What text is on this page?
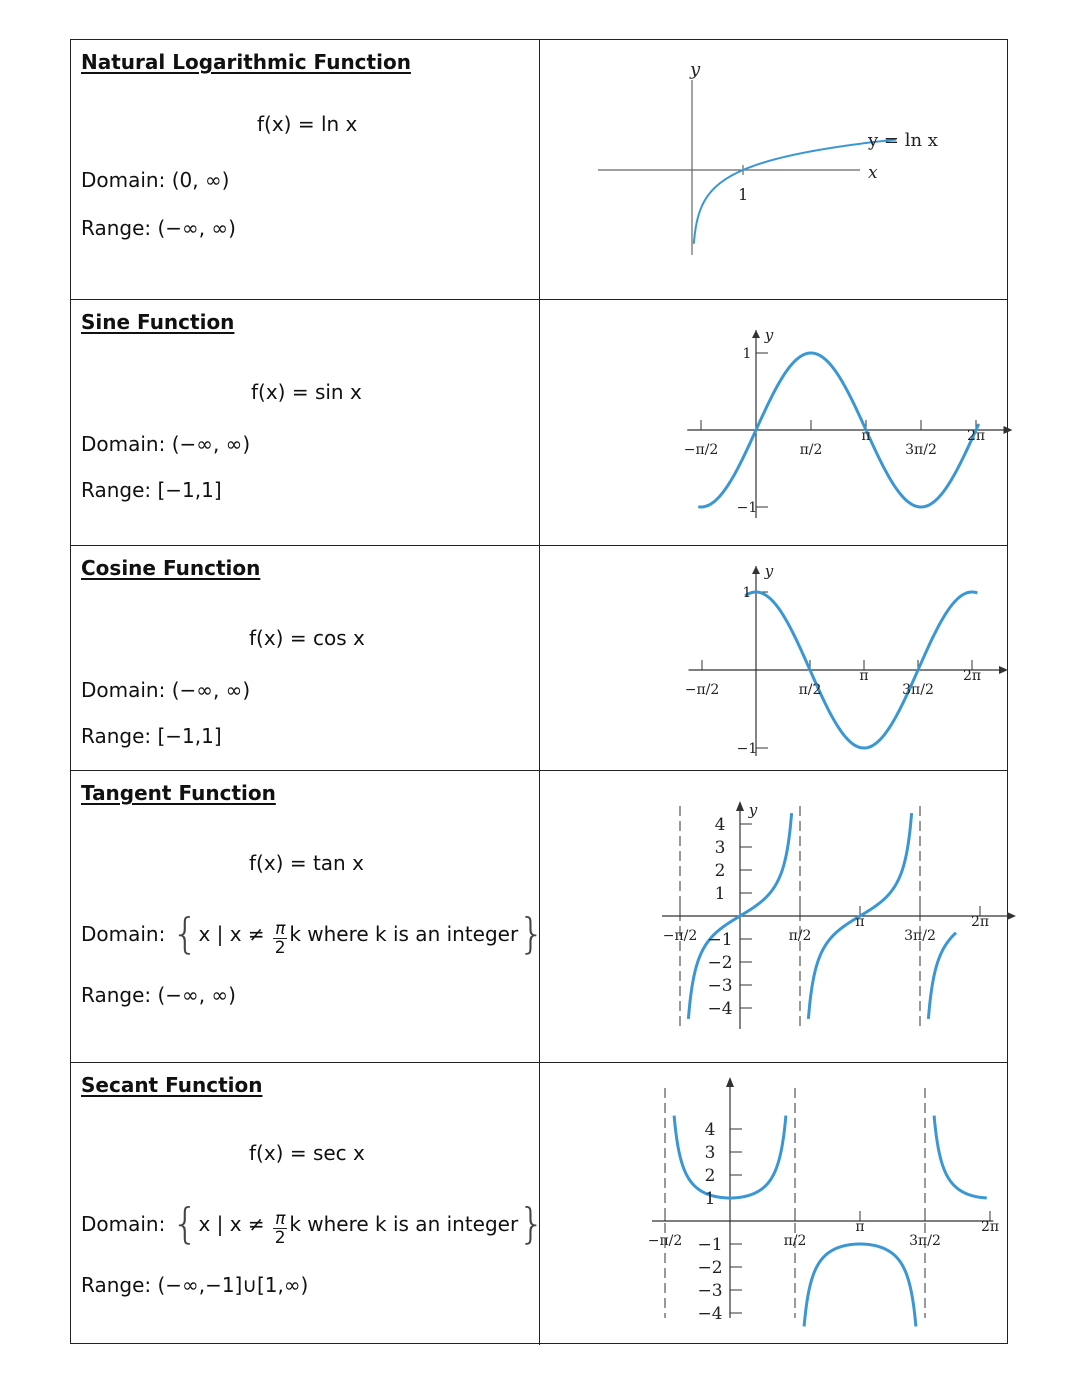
Natural Logarithmic Function
f(x) = ln x
Domain: (0, ∞)
Range: (−∞, ∞)
y
x
1
y = ln x
Sine Function
f(x) = sin x
Domain: (−∞, ∞)
Range: [−1,1]
y
−π/2	π/2
π
3π/2
2π
1
−1
Cosine Function
f(x) = cos x
Domain: (−∞, ∞)
Range: [−1,1]
y
−π/2	π/2
π
3π/2
2π
1
−1
Tangent Function
f(x) = tan x
Domain: {x | $x \ne \frac{\pi}{2}$ k where k is an integer}
Range: (−∞, ∞)
y
−π/2	π/2
π
3π/2
2π
4
3
2
1
−1
−2
−3
−4
Secant Function
f(x) = sec x
Domain: {x | $x \ne \frac{\pi}{2}$ k where k is an integer}
Range: (−∞,−1]∪[1,∞)
−π/2	π/2
π
3π/2
2π
4
3
2
1
−1
−2
−3
−4
